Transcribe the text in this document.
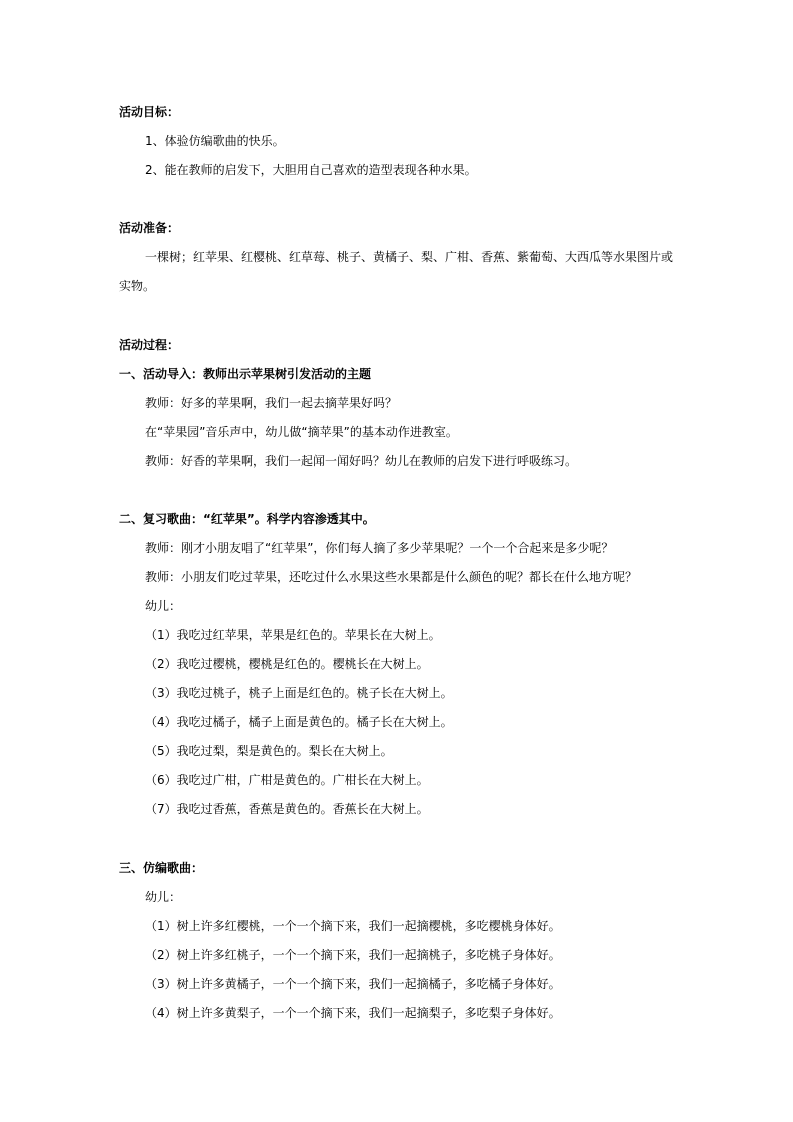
活动目标：
1、体验仿编歌曲的快乐。
2、能在教师的启发下，大胆用自己喜欢的造型表现各种水果。
活动准备：
一棵树；红苹果、红樱桃、红草莓、桃子、黄橘子、梨、广柑、香蕉、紫葡萄、大西瓜等水果图片或
实物。
活动过程：
一、活动导入：教师出示苹果树引发活动的主题
教师：好多的苹果啊，我们一起去摘苹果好吗？
在“苹果园”音乐声中，幼儿做“摘苹果”的基本动作进教室。
教师：好香的苹果啊，我们一起闻一闻好吗？幼儿在教师的启发下进行呼吸练习。
二、复习歌曲：“红苹果”。科学内容渗透其中。
教师：刚才小朋友唱了“红苹果”，你们每人摘了多少苹果呢？一个一个合起来是多少呢？
教师：小朋友们吃过苹果，还吃过什么水果这些水果都是什么颜色的呢？都长在什么地方呢？
幼儿：
（1）我吃过红苹果，苹果是红色的。苹果长在大树上。
（2）我吃过樱桃，樱桃是红色的。樱桃长在大树上。
（3）我吃过桃子，桃子上面是红色的。桃子长在大树上。
（4）我吃过橘子，橘子上面是黄色的。橘子长在大树上。
（5）我吃过梨，梨是黄色的。梨长在大树上。
（6）我吃过广柑，广柑是黄色的。广柑长在大树上。
（7）我吃过香蕉，香蕉是黄色的。香蕉长在大树上。
三、仿编歌曲：
幼儿：
（1）树上许多红樱桃，一个一个摘下来，我们一起摘樱桃，多吃樱桃身体好。
（2）树上许多红桃子，一个一个摘下来，我们一起摘桃子，多吃桃子身体好。
（3）树上许多黄橘子，一个一个摘下来，我们一起摘橘子，多吃橘子身体好。
（4）树上许多黄梨子，一个一个摘下来，我们一起摘梨子，多吃梨子身体好。
